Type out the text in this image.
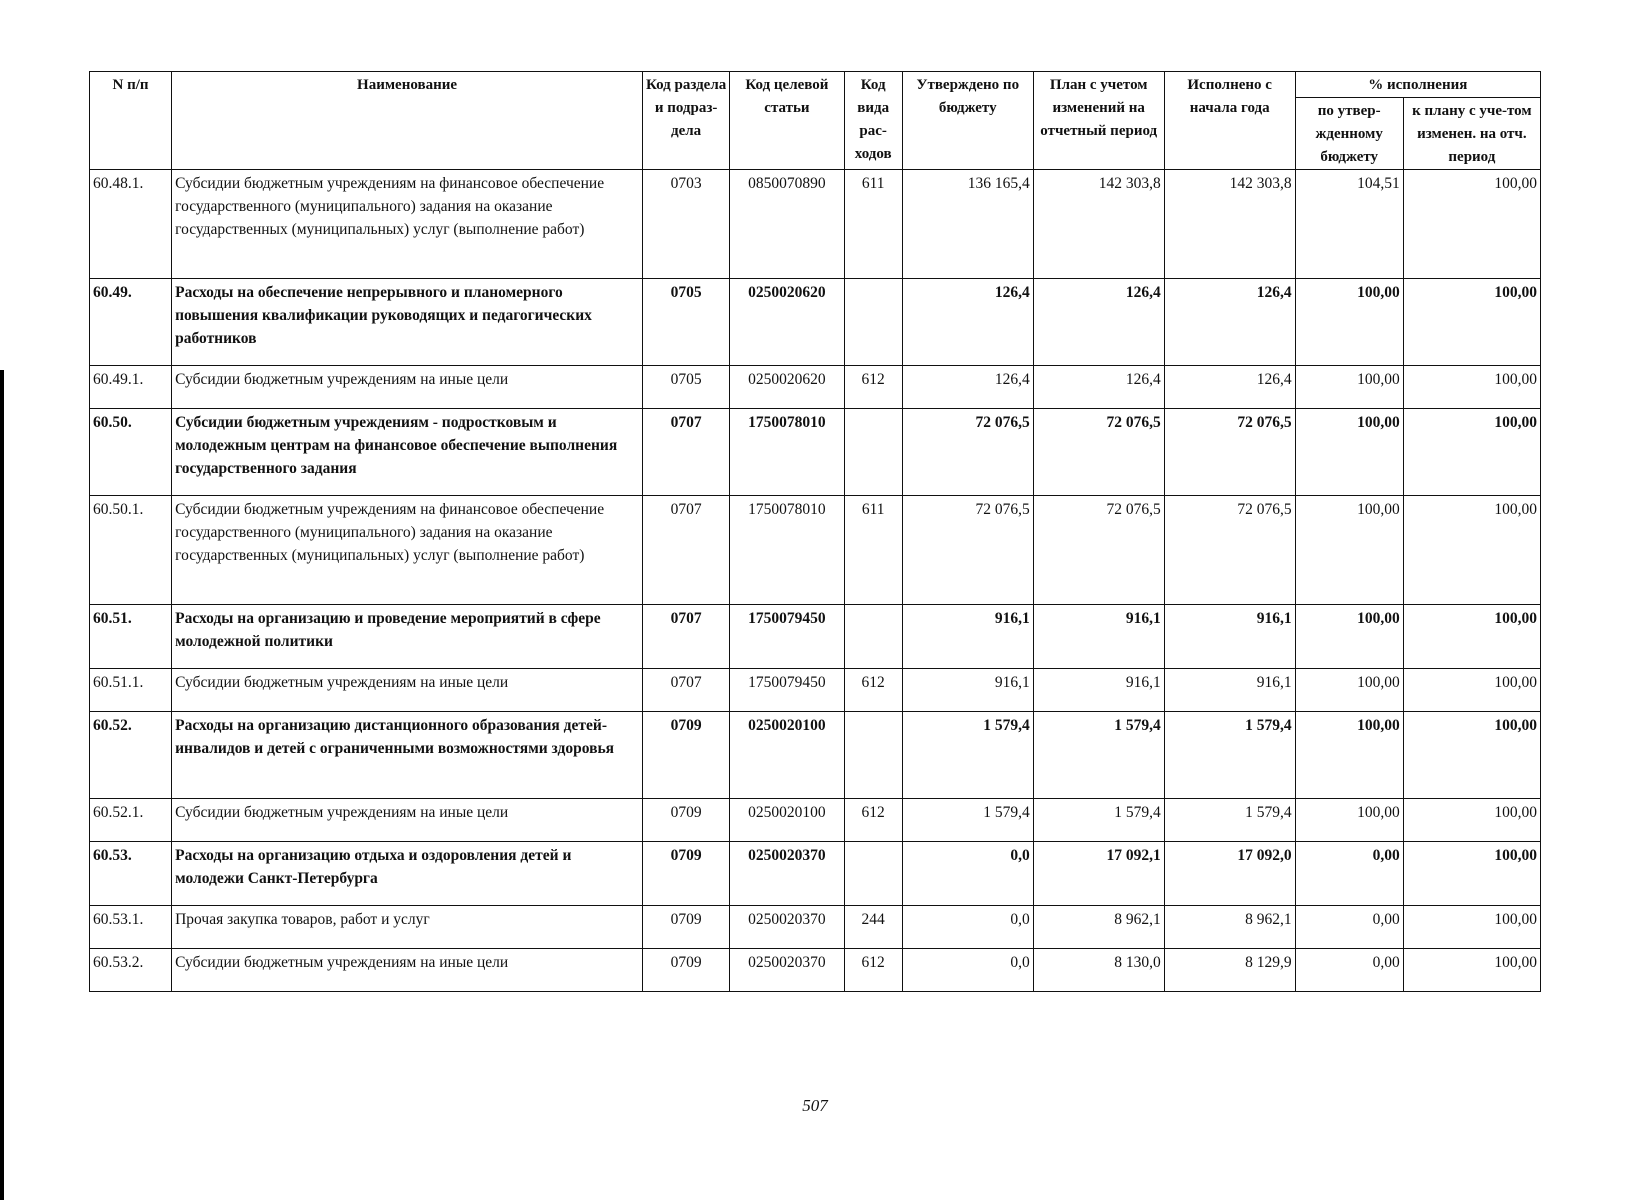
N п/п	Наименование	Код раздела и подраз-дела	Код целевой статьи	Код вида рас-ходов	Утверждено по бюджету	План с учетом изменений на отчетный период	Исполнено с начала года	% исполнения	
								по утвер-жденному бюджету	к плану с уче-том изменен. на отч. период
60.48.1.	Субсидии бюджетным учреждениям на финансовое обеспечение государственного (муниципального) задания на оказание государственных (муниципальных) услуг (выполнение работ)	0703	0850070890	611	136 165,4	142 303,8	142 303,8	104,51	100,00
60.49.	Расходы на обеспечение непрерывного и планомерного повышения квалификации руководящих и педагогических работников	0705	0250020620		126,4	126,4	126,4	100,00	100,00
60.49.1.	Субсидии бюджетным учреждениям на иные цели	0705	0250020620	612	126,4	126,4	126,4	100,00	100,00
60.50.	Субсидии бюджетным учреждениям - подростковым и молодежным центрам на финансовое обеспечение выполнения государственного задания	0707	1750078010		72 076,5	72 076,5	72 076,5	100,00	100,00
60.50.1.	Субсидии бюджетным учреждениям на финансовое обеспечение государственного (муниципального) задания на оказание государственных (муниципальных) услуг (выполнение работ)	0707	1750078010	611	72 076,5	72 076,5	72 076,5	100,00	100,00
60.51.	Расходы на организацию и проведение мероприятий в сфере молодежной политики	0707	1750079450		916,1	916,1	916,1	100,00	100,00
60.51.1.	Субсидии бюджетным учреждениям на иные цели	0707	1750079450	612	916,1	916,1	916,1	100,00	100,00
60.52.	Расходы на организацию дистанционного образования детей-инвалидов и детей с ограниченными возможностями здоровья	0709	0250020100		1 579,4	1 579,4	1 579,4	100,00	100,00
60.52.1.	Субсидии бюджетным учреждениям на иные цели	0709	0250020100	612	1 579,4	1 579,4	1 579,4	100,00	100,00
60.53.	Расходы на организацию отдыха и оздоровления детей и молодежи Санкт-Петербурга	0709	0250020370		0,0	17 092,1	17 092,0	0,00	100,00
60.53.1.	Прочая закупка товаров, работ и услуг	0709	0250020370	244	0,0	8 962,1	8 962,1	0,00	100,00
60.53.2.	Субсидии бюджетным учреждениям на иные цели	0709	0250020370	612	0,0	8 130,0	8 129,9	0,00	100,00
507
